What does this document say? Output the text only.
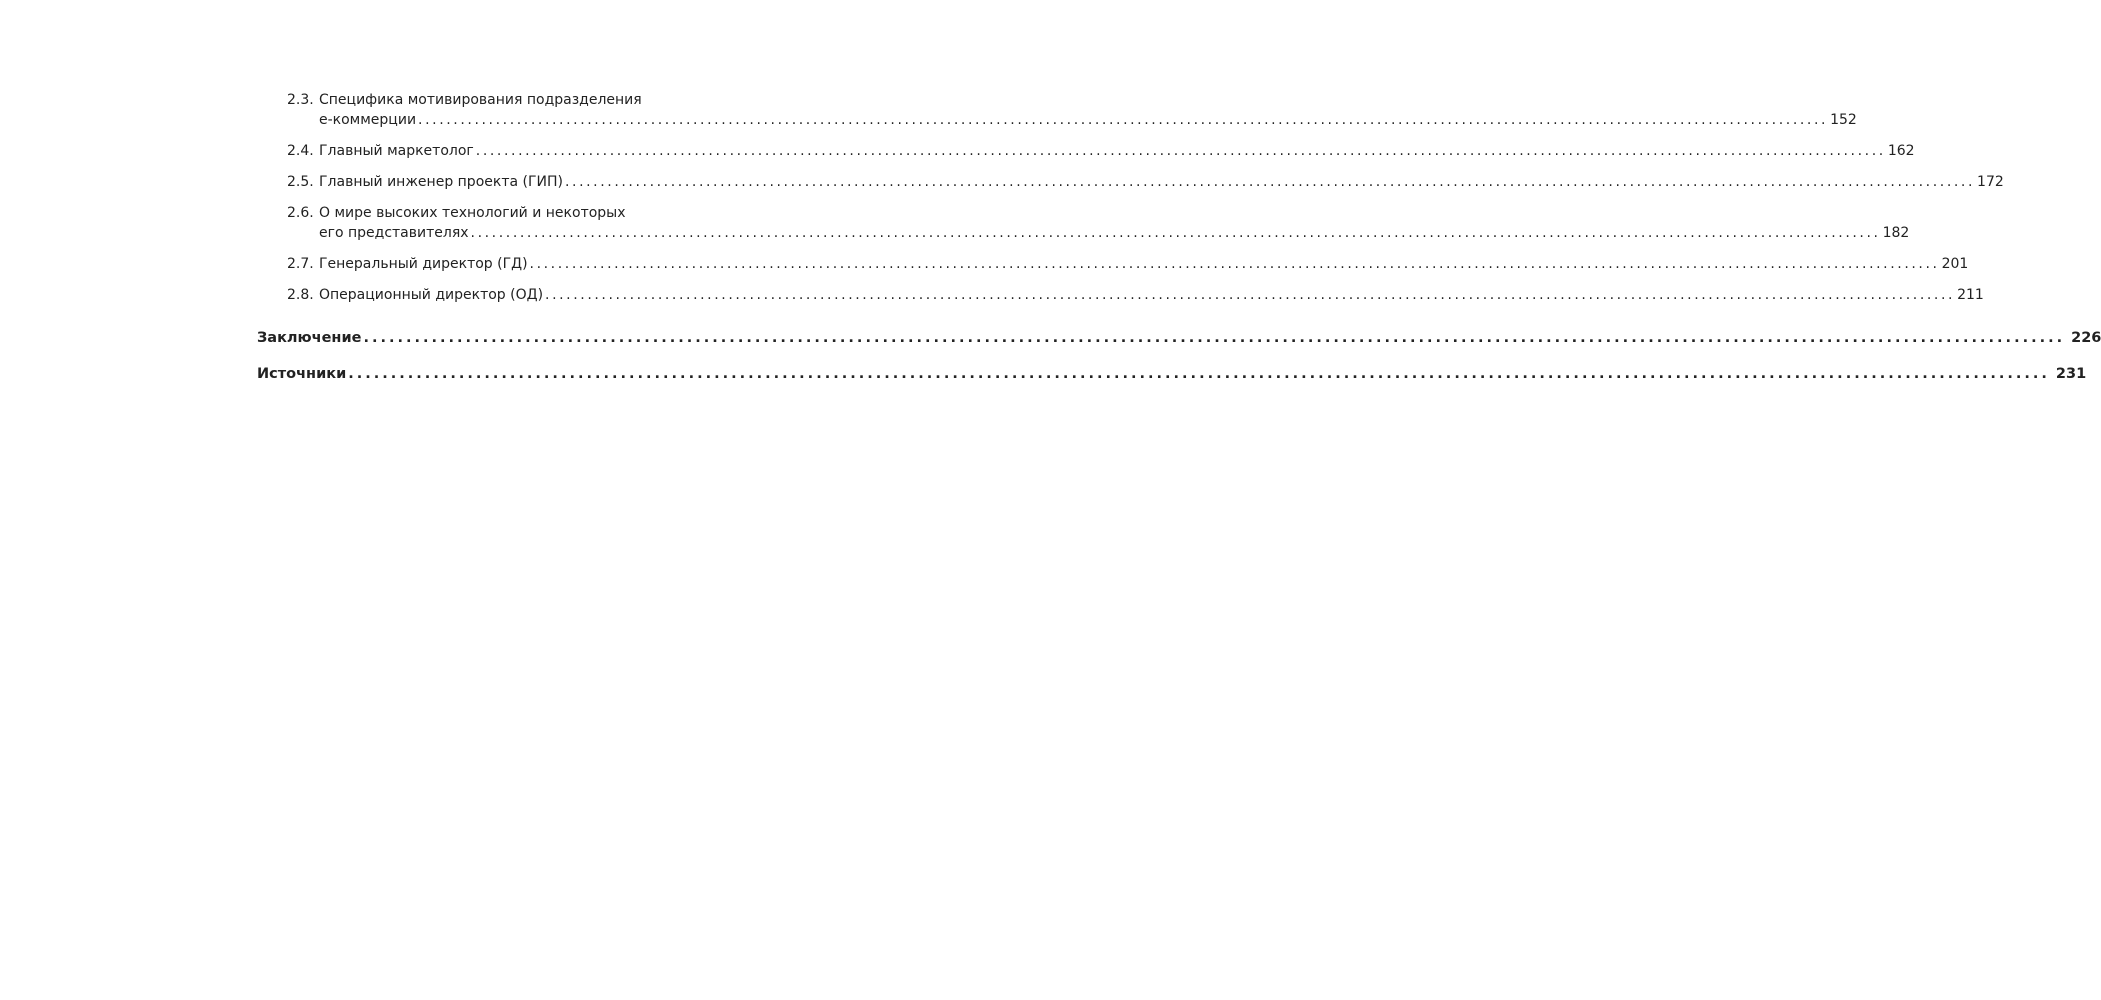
2.3. Специфика мотивирования подразделения
е-коммерции ........................................................................................................................................................................................................ 152
2.4. Главный маркетолог ........................................................................................................................................................................................................ 162
2.5. Главный инженер проекта (ГИП) ........................................................................................................................................................................................................ 172
2.6. О мире высоких технологий и некоторых
его представителях ........................................................................................................................................................................................................ 182
2.7. Генеральный директор (ГД) ........................................................................................................................................................................................................ 201
2.8. Операционный директор (ОД) ........................................................................................................................................................................................................ 211
Заключение ........................................................................................................................................................................................................ 226
Источники ........................................................................................................................................................................................................ 231
